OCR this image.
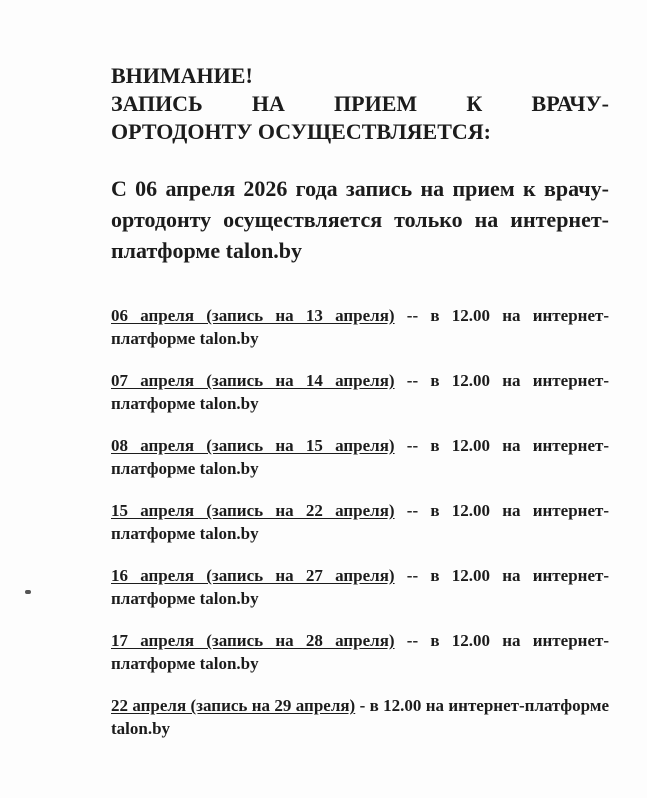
ВНИМАНИЕ!
ЗАПИСЬ НА ПРИЕМ К ВРАЧУ-
ОРТОДОНТУ ОСУЩЕСТВЛЯЕТСЯ:

С 06 апреля 2026 года запись на прием к врачу-ортодонту осуществляется только на интернет-платформе talon.by

06 апреля (запись на 13 апреля) -- в 12.00 на интернет-платформе talon.by

07 апреля (запись на 14 апреля) -- в 12.00 на интернет-платформе talon.by

08 апреля (запись на 15 апреля) -- в 12.00 на интернет-платформе talon.by

15 апреля (запись на 22 апреля) -- в 12.00 на интернет-платформе talon.by

16 апреля (запись на 27 апреля) -- в 12.00 на интернет-платформе talon.by

17 апреля (запись на 28 апреля) -- в 12.00 на интернет-платформе talon.by

22 апреля (запись на 29 апреля) - в 12.00 на интернет-платформе talon.by
